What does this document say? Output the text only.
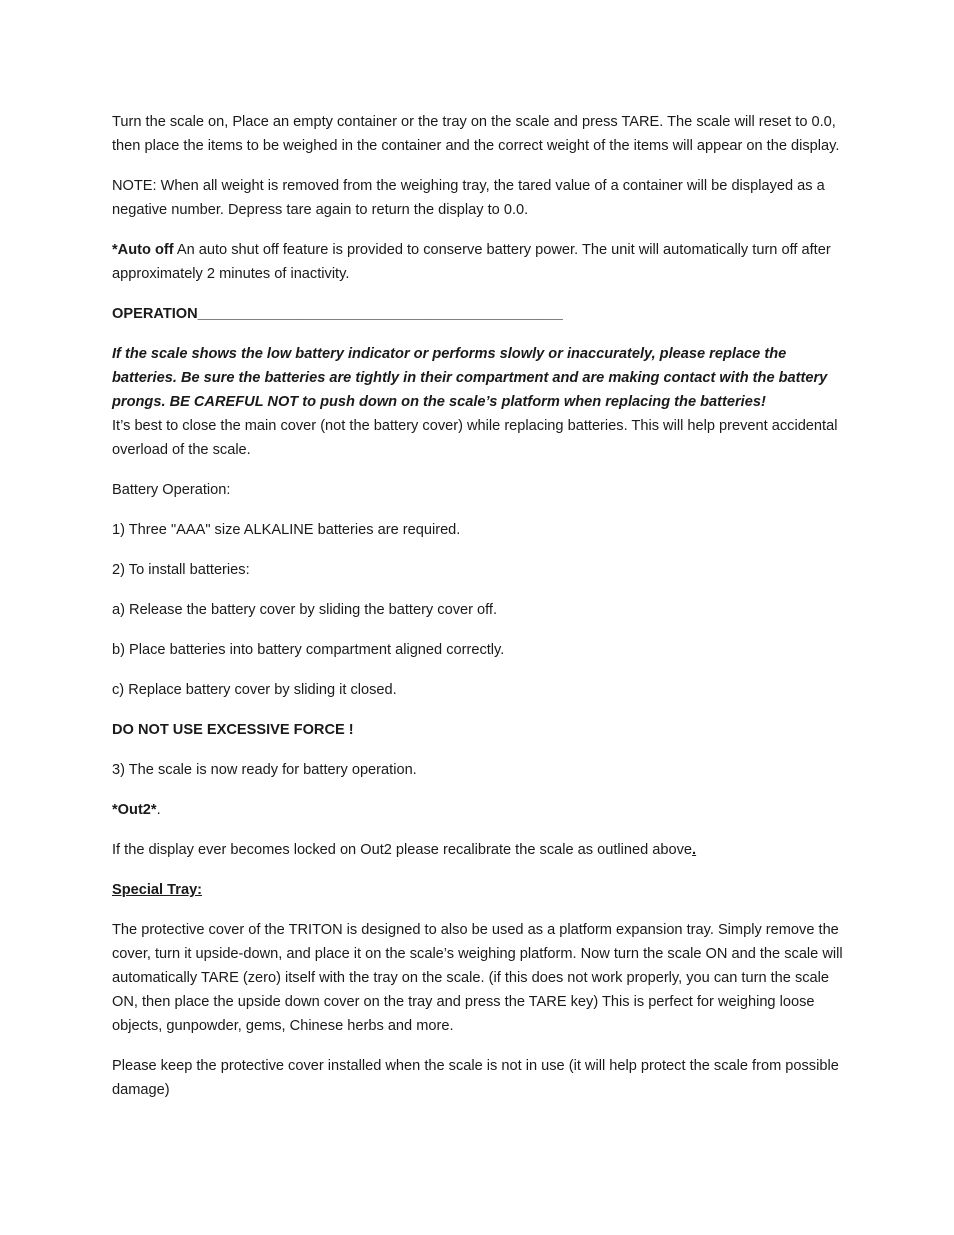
Turn the scale on, Place an empty container or the tray on the scale and press TARE. The scale will reset to 0.0, then place the items to be weighed in the container and the correct weight of the items will appear on the display.

NOTE: When all weight is removed from the weighing tray, the tared value of a container will be displayed as a negative number. Depress tare again to return the display to 0.0.

*Auto off An auto shut off feature is provided to conserve battery power. The unit will automatically turn off after approximately 2 minutes of inactivity.

OPERATION_____________________________________________

If the scale shows the low battery indicator or performs slowly or inaccurately, please replace the batteries. Be sure the batteries are tightly in their compartment and are making contact with the battery prongs. BE CAREFUL NOT to push down on the scale’s platform when replacing the batteries!
It’s best to close the main cover (not the battery cover) while replacing batteries. This will help prevent accidental overload of the scale.

Battery Operation:

1) Three "AAA" size ALKALINE batteries are required.

2) To install batteries:

a) Release the battery cover by sliding the battery cover off.

b) Place batteries into battery compartment aligned correctly.

c) Replace battery cover by sliding it closed.

DO NOT USE EXCESSIVE FORCE !

3) The scale is now ready for battery operation.

*Out2*.

If the display ever becomes locked on Out2 please recalibrate the scale as outlined above.

Special Tray:

The protective cover of the TRITON is designed to also be used as a platform expansion tray. Simply remove the cover, turn it upside-down, and place it on the scale’s weighing platform. Now turn the scale ON and the scale will automatically TARE (zero) itself with the tray on the scale. (if this does not work properly, you can turn the scale ON, then place the upside down cover on the tray and press the TARE key) This is perfect for weighing loose objects, gunpowder, gems, Chinese herbs and more.

Please keep the protective cover installed when the scale is not in use (it will help protect the scale from possible damage)
